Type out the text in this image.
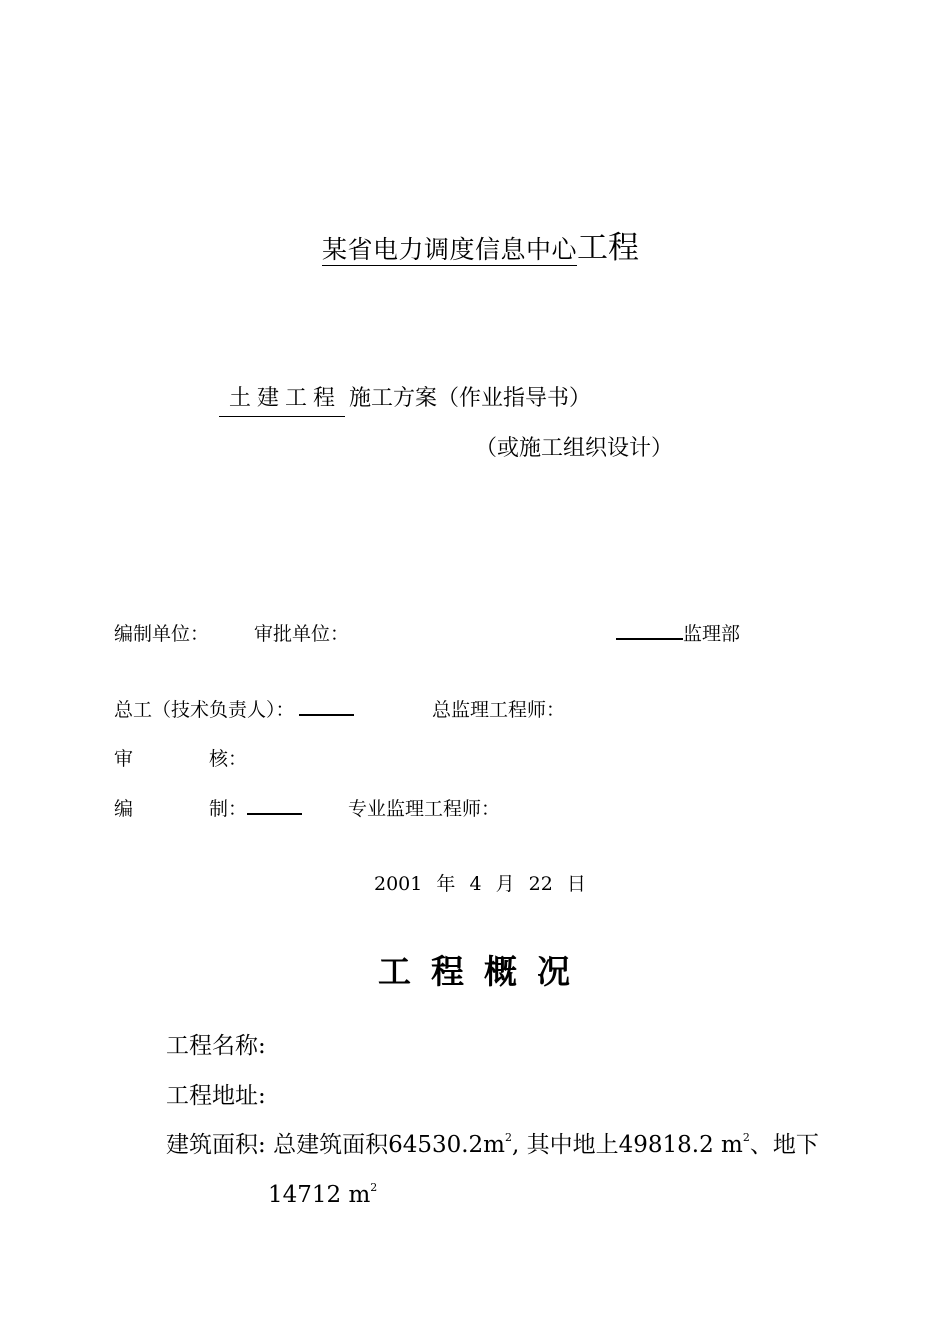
某省电力调度信息中心工程
土建工程 施工方案（作业指导书）
（或施工组织设计）
编制单位： 审批单位：	监理部
总工（技术负责人）：	总监理工程师：
审	核：
编	制：	专业监理工程师：
2001 年 4 月 22 日
工程概况
工程名称:
工程地址:
建筑面积: 总建筑面积$64530.2m^2$, 其中地上49818.2 $m^2$、地下
14712 $m^2$
